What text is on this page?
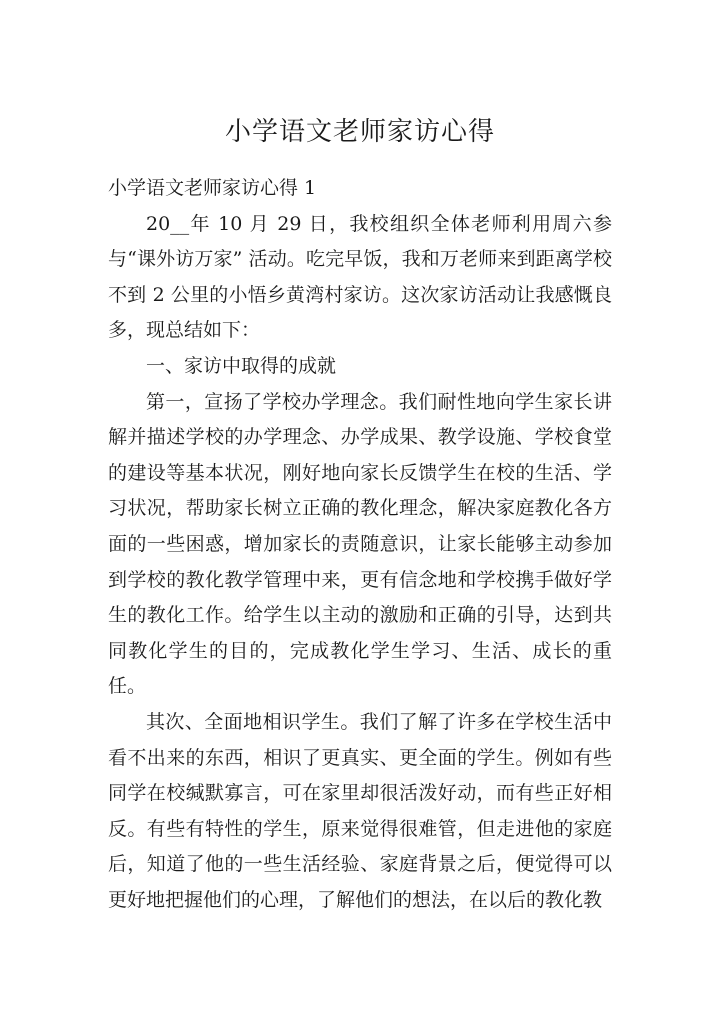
小学语文老师家访心得

小学语文老师家访心得 1

20__年 10 月 29 日，我校组织全体老师利用周六参与“课外访万家” 活动。吃完早饭，我和万老师来到距离学校不到 2 公里的小悟乡黄湾村家访。这次家访活动让我感慨良多，现总结如下：

一、家访中取得的成就

第一，宣扬了学校办学理念。我们耐性地向学生家长讲解并描述学校的办学理念、办学成果、教学设施、学校食堂的建设等基本状况，刚好地向家长反馈学生在校的生活、学习状况，帮助家长树立正确的教化理念，解决家庭教化各方面的一些困惑，增加家长的责随意识，让家长能够主动参加到学校的教化教学管理中来，更有信念地和学校携手做好学生的教化工作。给学生以主动的激励和正确的引导，达到共同教化学生的目的，完成教化学生学习、生活、成长的重任。

其次、全面地相识学生。我们了解了许多在学校生活中看不出来的东西，相识了更真实、更全面的学生。例如有些同学在校缄默寡言，可在家里却很活泼好动，而有些正好相反。有些有特性的学生，原来觉得很难管，但走进他的家庭后，知道了他的一些生活经验、家庭背景之后，便觉得可以更好地把握他们的心理，了解他们的想法，在以后的教化教
